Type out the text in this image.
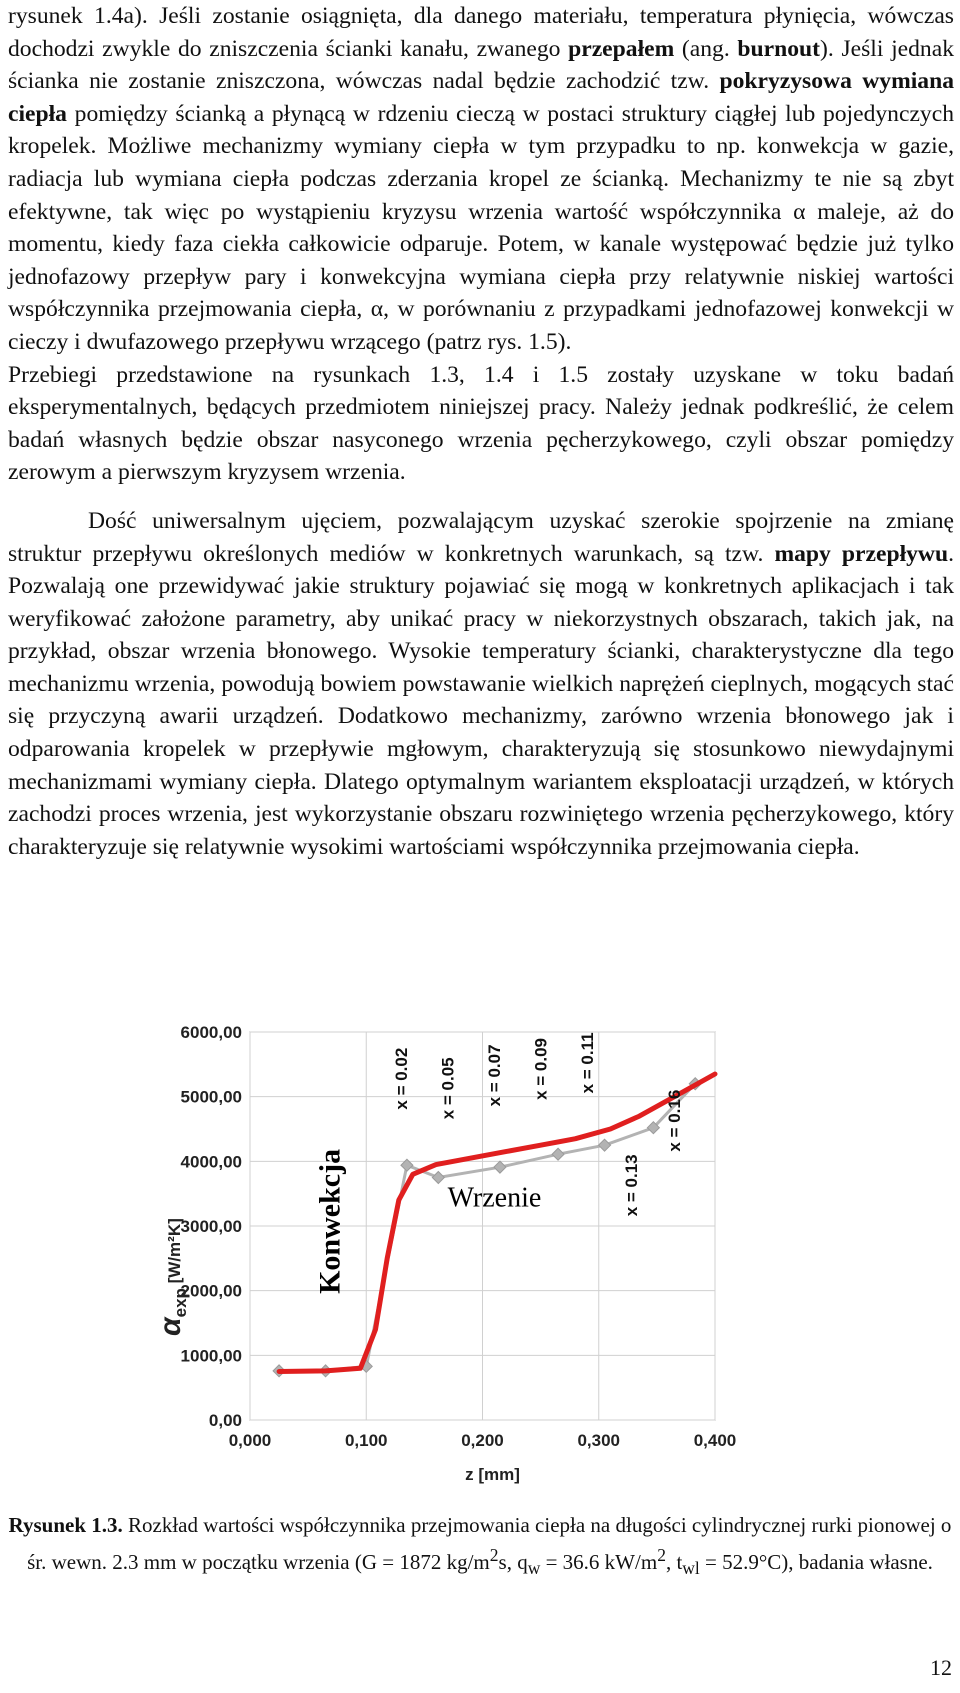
rysunek 1.4a). Jeśli zostanie osiągnięta, dla danego materiału, temperatura płynięcia, wówczas dochodzi zwykle do zniszczenia ścianki kanału, zwanego przepałem (ang. burnout). Jeśli jednak ścianka nie zostanie zniszczona, wówczas nadal będzie zachodzić tzw. pokryzysowa wymiana ciepła pomiędzy ścianką a płynącą w rdzeniu cieczą w postaci struktury ciągłej lub pojedynczych kropelek. Możliwe mechanizmy wymiany ciepła w tym przypadku to np. konwekcja w gazie, radiacja lub wymiana ciepła podczas zderzania kropel ze ścianką. Mechanizmy te nie są zbyt efektywne, tak więc po wystąpieniu kryzysu wrzenia wartość współczynnika α maleje, aż do momentu, kiedy faza ciekła całkowicie odparuje. Potem, w kanale występować będzie już tylko jednofazowy przepływ pary i konwekcyjna wymiana ciepła przy relatywnie niskiej wartości współczynnika przejmowania ciepła, α, w porównaniu z przypadkami jednofazowej konwekcji w cieczy i dwufazowego przepływu wrzącego (patrz rys. 1.5).

Przebiegi przedstawione na rysunkach 1.3, 1.4 i 1.5 zostały uzyskane w toku badań eksperymentalnych, będących przedmiotem niniejszej pracy. Należy jednak podkreślić, że celem badań własnych będzie obszar nasyconego wrzenia pęcherzykowego, czyli obszar pomiędzy zerowym a pierwszym kryzysem wrzenia.

Dość uniwersalnym ujęciem, pozwalającym uzyskać szerokie spojrzenie na zmianę struktur przepływu określonych mediów w konkretnych warunkach, są tzw. mapy przepływu. Pozwalają one przewidywać jakie struktury pojawiać się mogą w konkretnych aplikacjach i tak weryfikować założone parametry, aby unikać pracy w niekorzystnych obszarach, takich jak, na przykład, obszar wrzenia błonowego. Wysokie temperatury ścianki, charakterystyczne dla tego mechanizmu wrzenia, powodują bowiem powstawanie wielkich naprężeń cieplnych, mogących stać się przyczyną awarii urządzeń. Dodatkowo mechanizmy, zarówno wrzenia błonowego jak i odparowania kropelek w przepływie mgłowym, charakteryzują się stosunkowo niewydajnymi mechanizmami wymiany ciepła. Dlatego optymalnym wariantem eksploatacji urządzeń, w których zachodzi proces wrzenia, jest wykorzystanie obszaru rozwiniętego wrzenia pęcherzykowego, który charakteryzuje się relatywnie wysokimi wartościami współczynnika przejmowania ciepła.

0,00
1000,00
2000,00
3000,00
4000,00
5000,00
6000,00
0,000	0,100	0,200	0,300	0,400
z [mm]
$\alpha_{exp}$ [W/m²K]	Konwekcja	Wrzenie
x = 0.02 x = 0.05 x = 0.07 x = 0.09 x = 0.11
x = 0.13
x = 0.16
Rysunek 1.3. Rozkład wartości współczynnika przejmowania ciepła na długości cylindrycznej rurki pionowej o śr. wewn. 2.3 mm w początku wrzenia (G = 1872 $kg/m^2s$, $q_w = 36.6$ $kW/m^2$, $t_{wl} = 52.9^\circ C$), badania własne.
12
